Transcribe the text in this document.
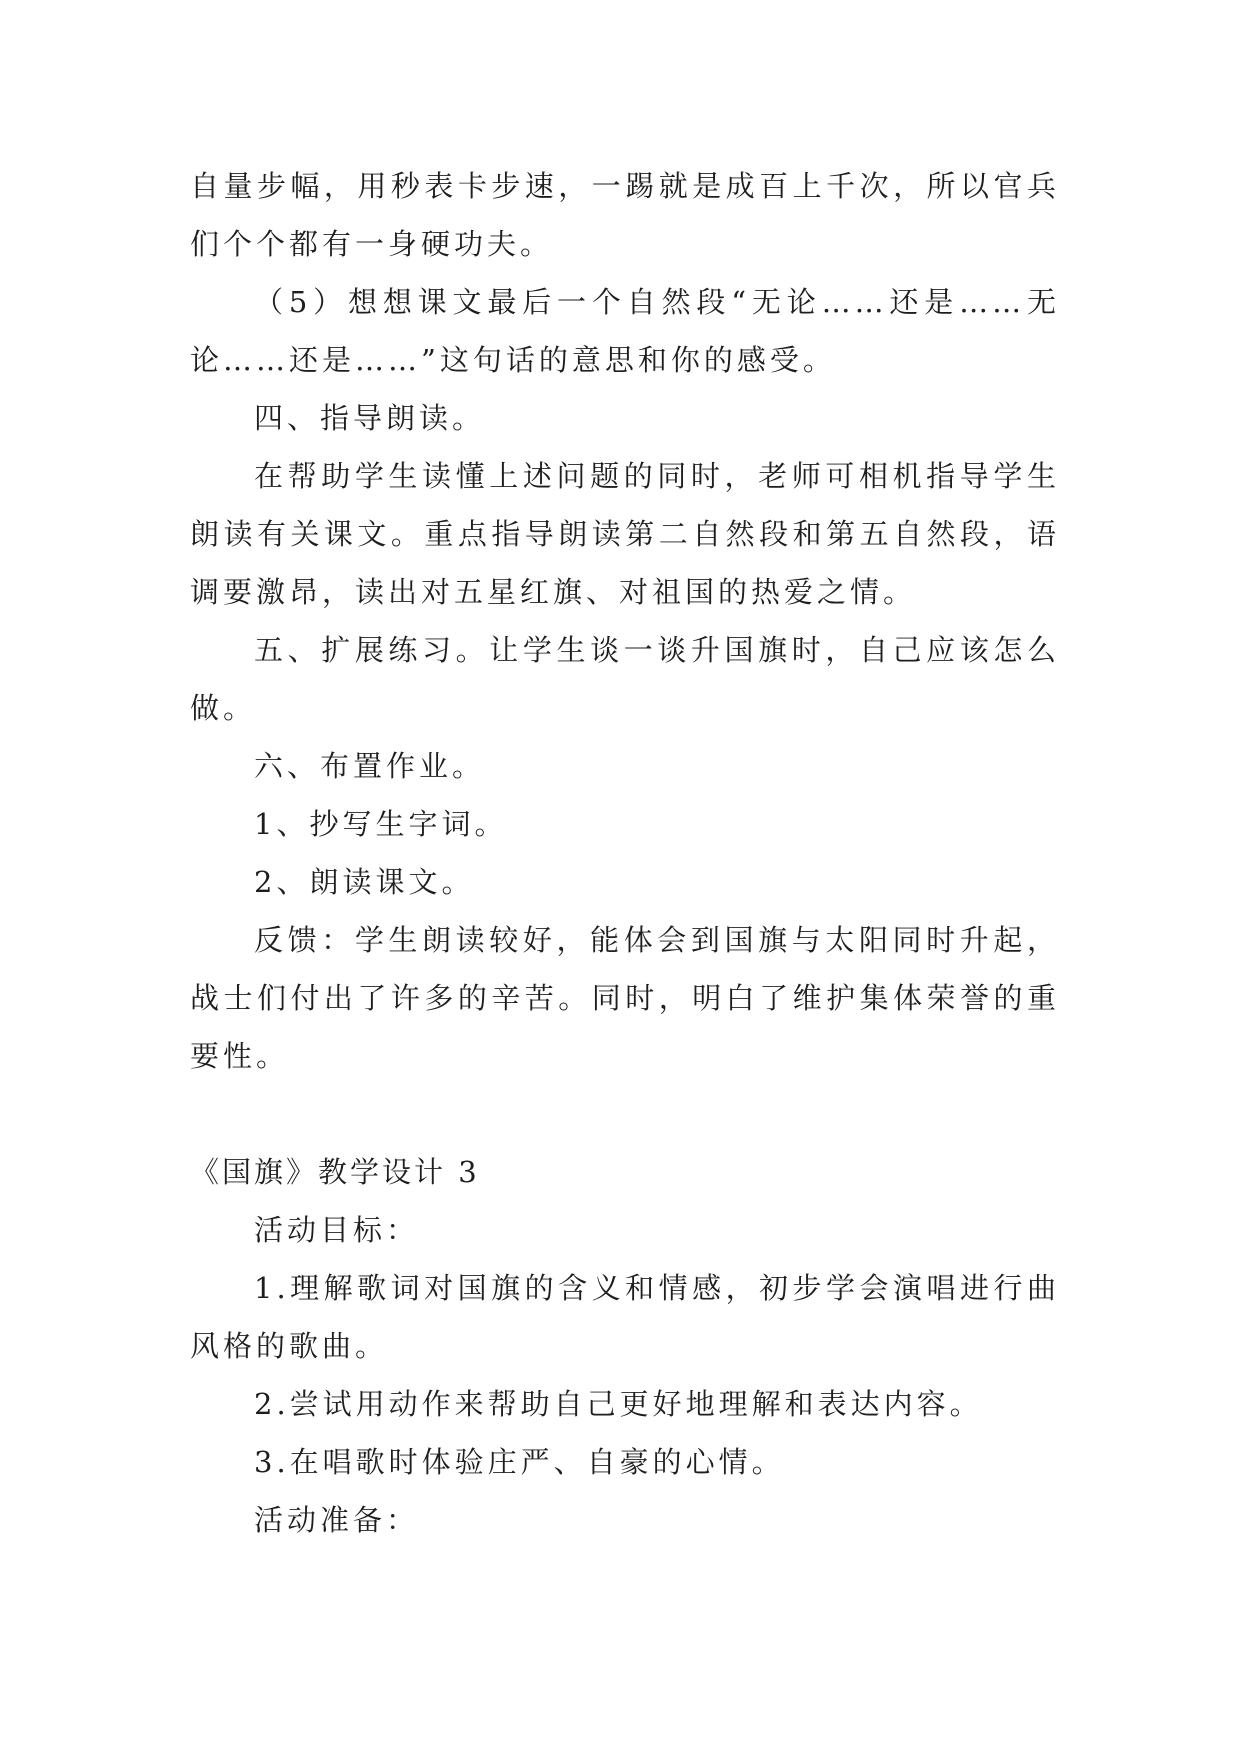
自量步幅，用秒表卡步速，一踢就是成百上千次，所以官兵们个个都有一身硬功夫。

（5）想想课文最后一个自然段“无论……还是……无论……还是……”这句话的意思和你的感受。

四、指导朗读。

在帮助学生读懂上述问题的同时，老师可相机指导学生朗读有关课文。重点指导朗读第二自然段和第五自然段，语调要激昂，读出对五星红旗、对祖国的热爱之情。

五、扩展练习。让学生谈一谈升国旗时，自己应该怎么做。

六、布置作业。

1、抄写生字词。

2、朗读课文。

反馈：学生朗读较好，能体会到国旗与太阳同时升起，战士们付出了许多的辛苦。同时，明白了维护集体荣誉的重要性。

《国旗》教学设计 3

活动目标：

1.理解歌词对国旗的含义和情感，初步学会演唱进行曲风格的歌曲。

2.尝试用动作来帮助自己更好地理解和表达内容。

3.在唱歌时体验庄严、自豪的心情。

活动准备：
